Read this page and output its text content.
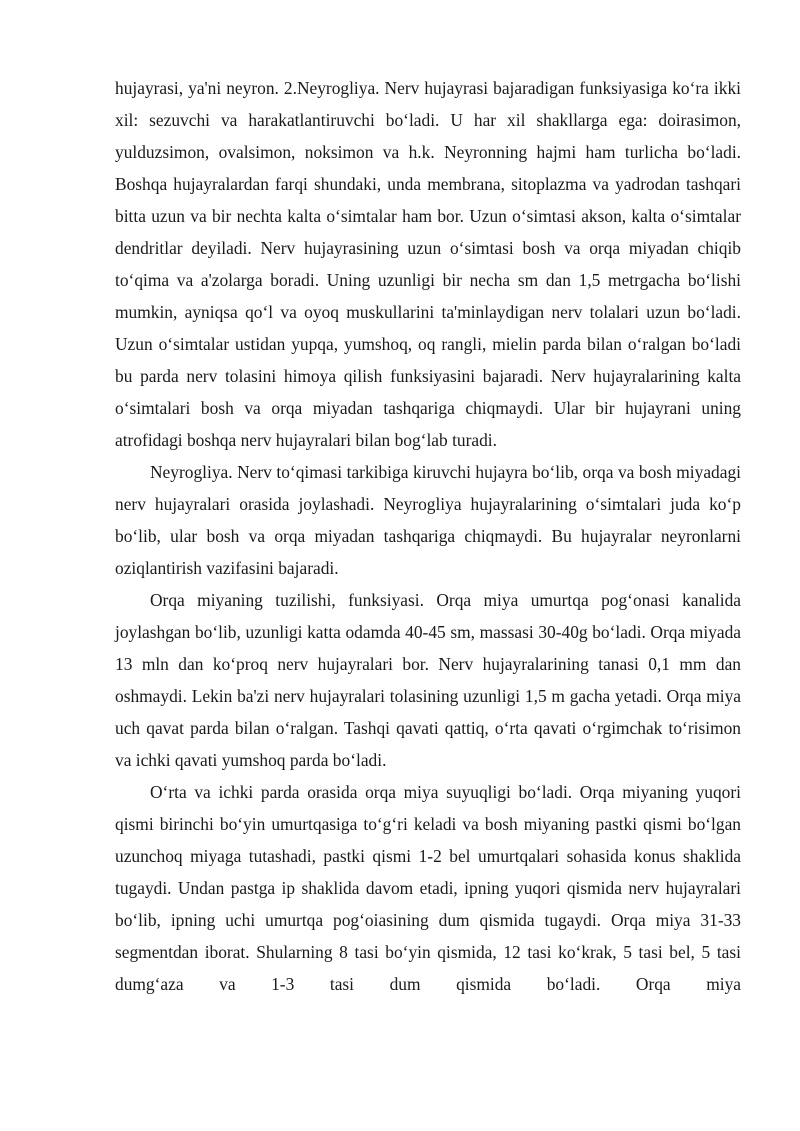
hujayrasi, ya'ni neyron. 2.Neyrogliya. Nerv hujayrasi bajaradigan funksiyasiga ko‘ra ikki xil: sezuvchi va harakatlantiruvchi bo‘ladi. U har xil shakllarga ega: doirasimon, yulduzsimon, ovalsimon, noksimon va h.k. Neyronning hajmi ham turlicha bo‘ladi. Boshqa hujayralardan farqi shundaki, unda membrana, sitoplazma va yadrodan tashqari bitta uzun va bir nechta kalta o‘simtalar ham bor. Uzun o‘simtasi akson, kalta o‘simtalar dendritlar deyiladi. Nerv hujayrasining uzun o‘simtasi bosh va orqa miyadan chiqib to‘qima va a'zolarga boradi. Uning uzunligi bir necha sm dan 1,5 metrgacha bo‘lishi mumkin, ayniqsa qo‘l va oyoq muskullarini ta'minlaydigan nerv tolalari uzun bo‘ladi. Uzun o‘simtalar ustidan yupqa, yumshoq, oq rangli, mielin parda bilan o‘ralgan bo‘ladi bu parda nerv tolasini himoya qilish funksiyasini bajaradi. Nerv hujayralarining kalta o‘simtalari bosh va orqa miyadan tashqariga chiqmaydi. Ular bir hujayrani uning atrofidagi boshqa nerv hujayralari bilan bog‘lab turadi.

Neyrogliya. Nerv to‘qimasi tarkibiga kiruvchi hujayra bo‘lib, orqa va bosh miyadagi nerv hujayralari orasida joylashadi. Neyrogliya hujayralarining o‘simtalari juda ko‘p bo‘lib, ular bosh va orqa miyadan tashqariga chiqmaydi. Bu hujayralar neyronlarni oziqlantirish vazifasini bajaradi.

Orqa miyaning tuzilishi, funksiyasi. Orqa miya umurtqa pog‘onasi kanalida joylashgan bo‘lib, uzunligi katta odamda 40-45 sm, massasi 30-40g bo‘ladi. Orqa miyada 13 mln dan ko‘proq nerv hujayralari bor. Nerv hujayralarining tanasi 0,1 mm dan oshmaydi. Lekin ba'zi nerv hujayralari tolasining uzunligi 1,5 m gacha yetadi. Orqa miya uch qavat parda bilan o‘ralgan. Tashqi qavati qattiq, o‘rta qavati o‘rgimchak to‘risimon va ichki qavati yumshoq parda bo‘ladi.

O‘rta va ichki parda orasida orqa miya suyuqligi bo‘ladi. Orqa miyaning yuqori qismi birinchi bo‘yin umurtqasiga to‘g‘ri keladi va bosh miyaning pastki qismi bo‘lgan uzunchoq miyaga tutashadi, pastki qismi 1-2 bel umurtqalari sohasida konus shaklida tugaydi. Undan pastga ip shaklida davom etadi, ipning yuqori qismida nerv hujayralari bo‘lib, ipning uchi umurtqa pog‘oiasining dum qismida tugaydi. Orqa miya 31-33 segmentdan iborat. Shularning 8 tasi bo‘yin qismida, 12 tasi ko‘krak, 5 tasi bel, 5 tasi dumg‘aza va 1-3 tasi dum qismida bo‘ladi. Orqa miya
